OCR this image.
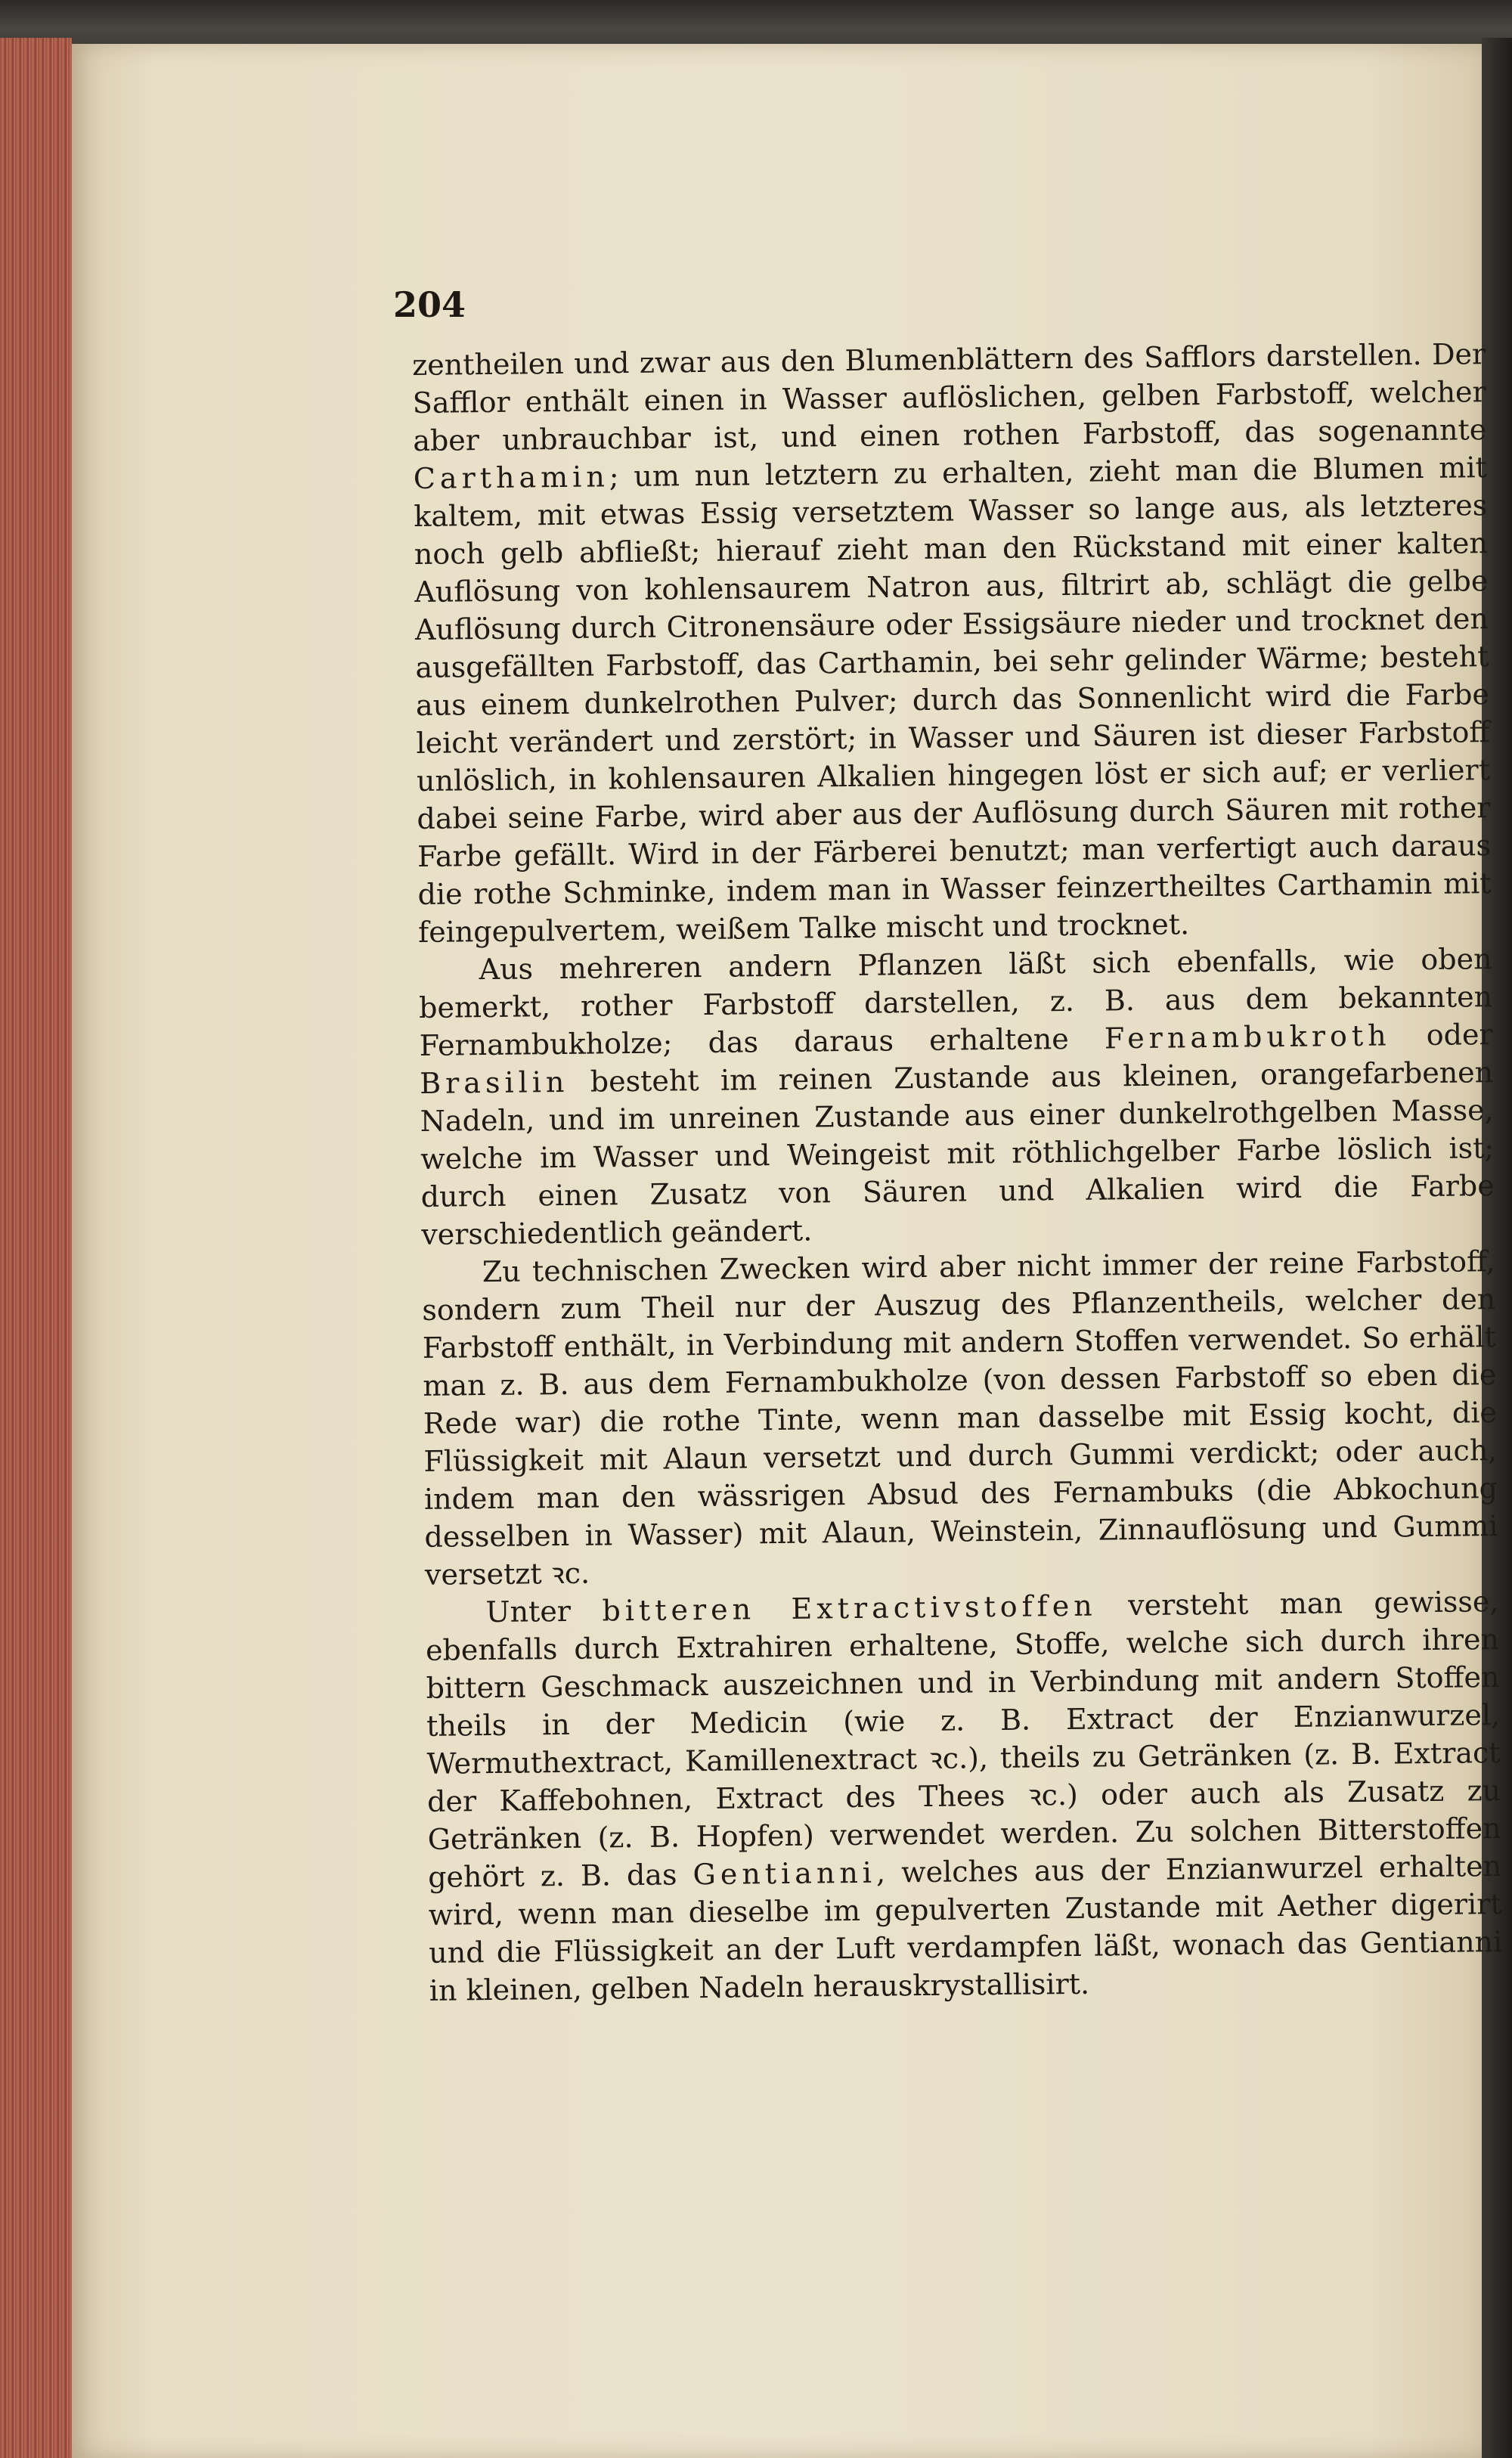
204

zentheilen und zwar aus den Blumenblättern des Safflors darstellen. Der Safflor enthält einen in Wasser auflöslichen, gelben Farbstoff, welcher aber unbrauchbar ist, und einen rothen Farbstoff, das sogenannte Carthamin; um nun letztern zu erhalten, zieht man die Blumen mit kaltem, mit etwas Essig versetztem Wasser so lange aus, als letzteres noch gelb abfließt; hierauf zieht man den Rückstand mit einer kalten Auflösung von kohlensaurem Natron aus, filtrirt ab, schlägt die gelbe Auflösung durch Citronensäure oder Essigsäure nieder und trocknet den ausgefällten Farbstoff, das Carthamin, bei sehr gelinder Wärme; besteht aus einem dunkelrothen Pulver; durch das Sonnenlicht wird die Farbe leicht verändert und zerstört; in Wasser und Säuren ist dieser Farbstoff unlöslich, in kohlensauren Alkalien hingegen löst er sich auf; er verliert dabei seine Farbe, wird aber aus der Auflösung durch Säuren mit rother Farbe gefällt. Wird in der Färberei benutzt; man verfertigt auch daraus die rothe Schminke, indem man in Wasser feinzertheiltes Carthamin mit feingepulvertem, weißem Talke mischt und trocknet.

Aus mehreren andern Pflanzen läßt sich ebenfalls, wie oben bemerkt, rother Farbstoff darstellen, z. B. aus dem bekannten Fernambukholze; das daraus erhaltene Fernambukroth oder Brasilin besteht im reinen Zustande aus kleinen, orangefarbenen Nadeln, und im unreinen Zustande aus einer dunkelrothgelben Masse, welche im Wasser und Weingeist mit röthlichgelber Farbe löslich ist; durch einen Zusatz von Säuren und Alkalien wird die Farbe verschiedentlich geändert.

Zu technischen Zwecken wird aber nicht immer der reine Farbstoff, sondern zum Theil nur der Auszug des Pflanzentheils, welcher den Farbstoff enthält, in Verbindung mit andern Stoffen verwendet. So erhält man z. B. aus dem Fernambukholze (von dessen Farbstoff so eben die Rede war) die rothe Tinte, wenn man dasselbe mit Essig kocht, die Flüssigkeit mit Alaun versetzt und durch Gummi verdickt; oder auch, indem man den wässrigen Absud des Fernambuks (die Abkochung desselben in Wasser) mit Alaun, Weinstein, Zinnauflösung und Gummi versetzt ꝛc.

Unter bitteren Extractivstoffen versteht man gewisse, ebenfalls durch Extrahiren erhaltene, Stoffe, welche sich durch ihren bittern Geschmack auszeichnen und in Verbindung mit andern Stoffen theils in der Medicin (wie z. B. Extract der Enzianwurzel, Wermuthextract, Kamillenextract ꝛc.), theils zu Getränken (z. B. Extract der Kaffebohnen, Extract des Thees ꝛc.) oder auch als Zusatz zu Getränken (z. B. Hopfen) verwendet werden. Zu solchen Bitterstoffen gehört z. B. das Gentianni, welches aus der Enzianwurzel erhalten wird, wenn man dieselbe im gepulverten Zustande mit Aether digerirt und die Flüssigkeit an der Luft verdampfen läßt, wonach das Gentianni in kleinen, gelben Nadeln herauskrystallisirt.
